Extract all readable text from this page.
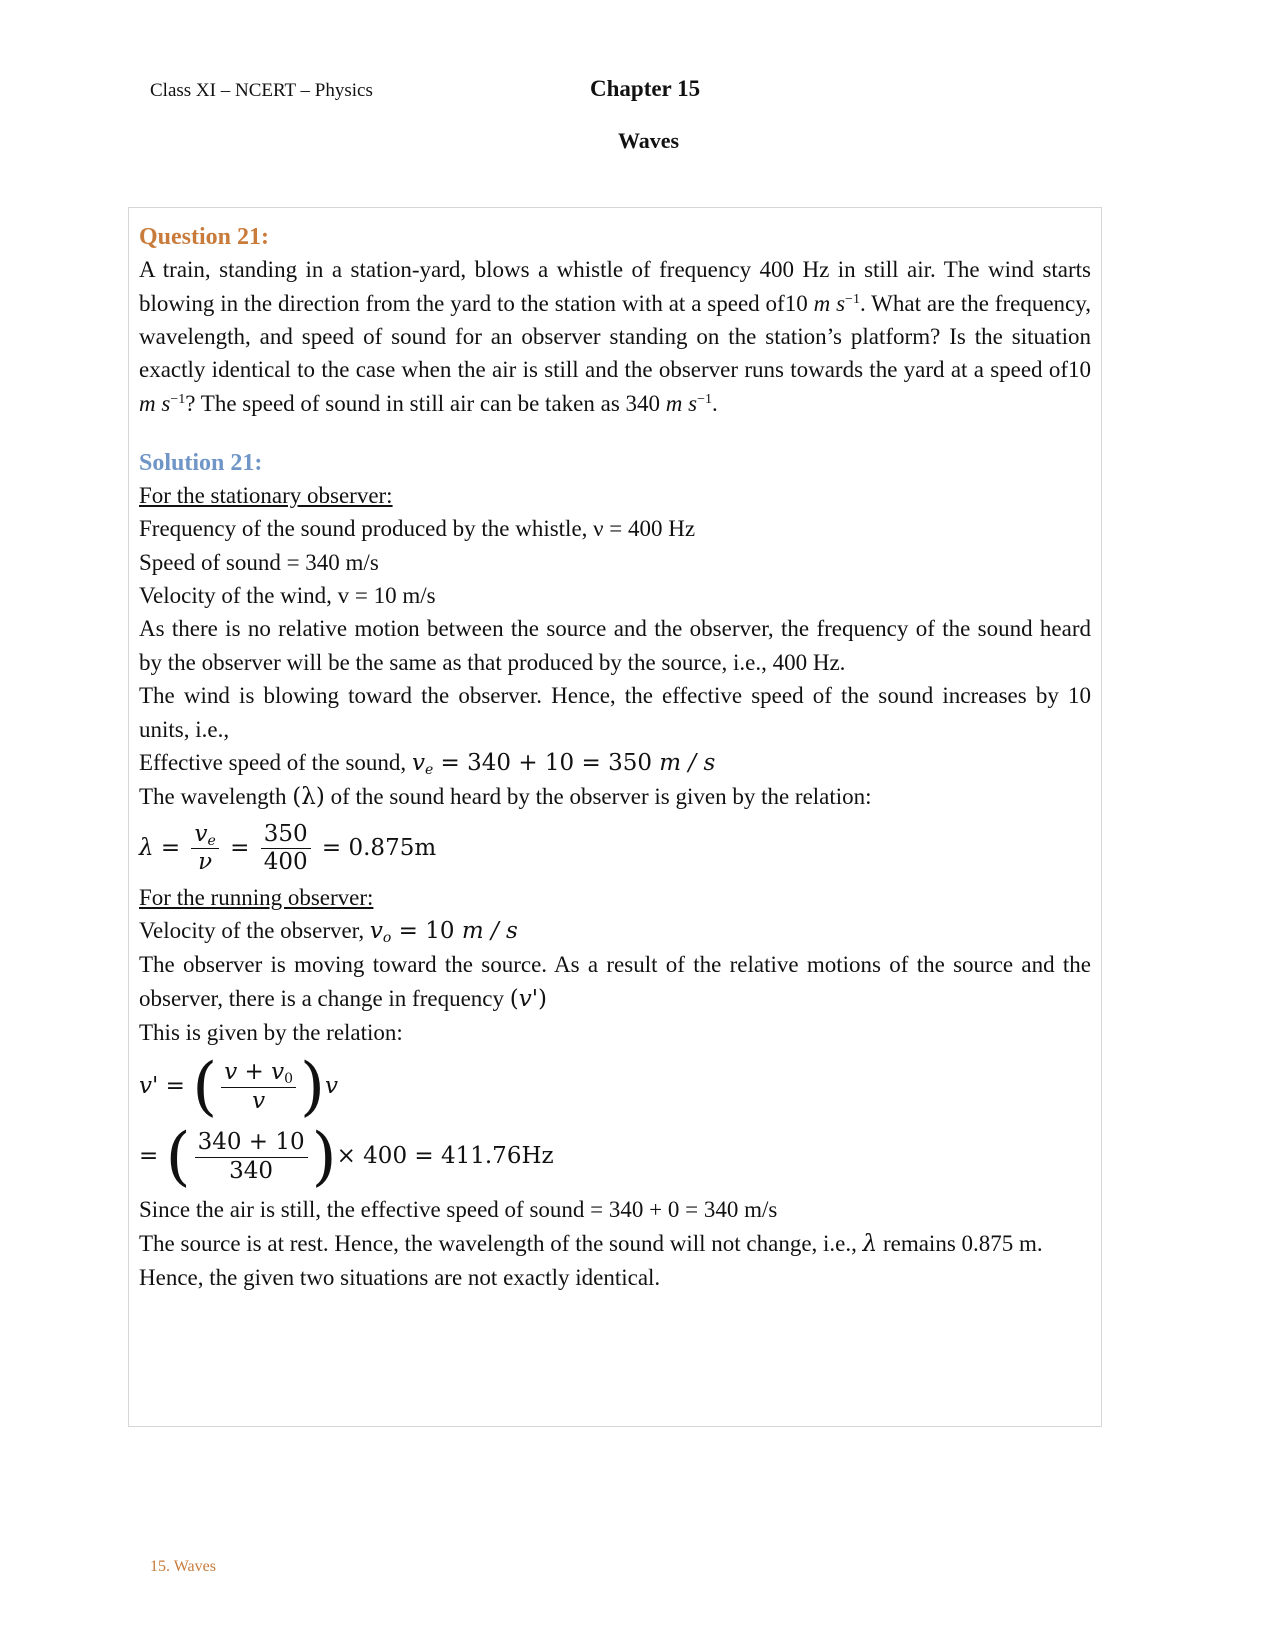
Class XI – NCERT – Physics	Chapter 15
Waves

Question 21:

A train, standing in a station-yard, blows a whistle of frequency 400 Hz in still air. The wind starts blowing in the direction from the yard to the station with at a speed of10 m $s^{-1}$. What are the frequency, wavelength, and speed of sound for an observer standing on the station’s platform? Is the situation exactly identical to the case when the air is still and the observer runs towards the yard at a speed of10 m $s^{-1}$? The speed of sound in still air can be taken as 340 m $s^{-1}$.

Solution 21:

For the stationary observer:

Frequency of the sound produced by the whistle, ν = 400 Hz

Speed of sound = 340 m/s

Velocity of the wind, v = 10 m/s

As there is no relative motion between the source and the observer, the frequency of the sound heard by the observer will be the same as that produced by the source, i.e., 400 Hz.

The wind is blowing toward the observer. Hence, the effective speed of the sound increases by 10 units, i.e.,

Effective speed of the sound, $v_e = 340 + 10 = 350$ m / s

The wavelength (λ) of the sound heard by the observer is given by the relation:

$\lambda = \frac{v_e}{\nu} = \frac{350}{400} = 0.875m$

For the running observer:

Velocity of the observer, $v_o = 10$ m / s

The observer is moving toward the source. As a result of the relative motions of the source and the observer, there is a change in frequency (v')

This is given by the relation:

v' = ( $\frac{v + v_0}{v} )v$
= ( $\frac{340 + 10}{340}$ )× 400 = 411.76Hz

Since the air is still, the effective speed of sound = 340 + 0 = 340 m/s

The source is at rest. Hence, the wavelength of the sound will not change, i.e., λ remains 0.875 m.

Hence, the given two situations are not exactly identical.

15. Waves
